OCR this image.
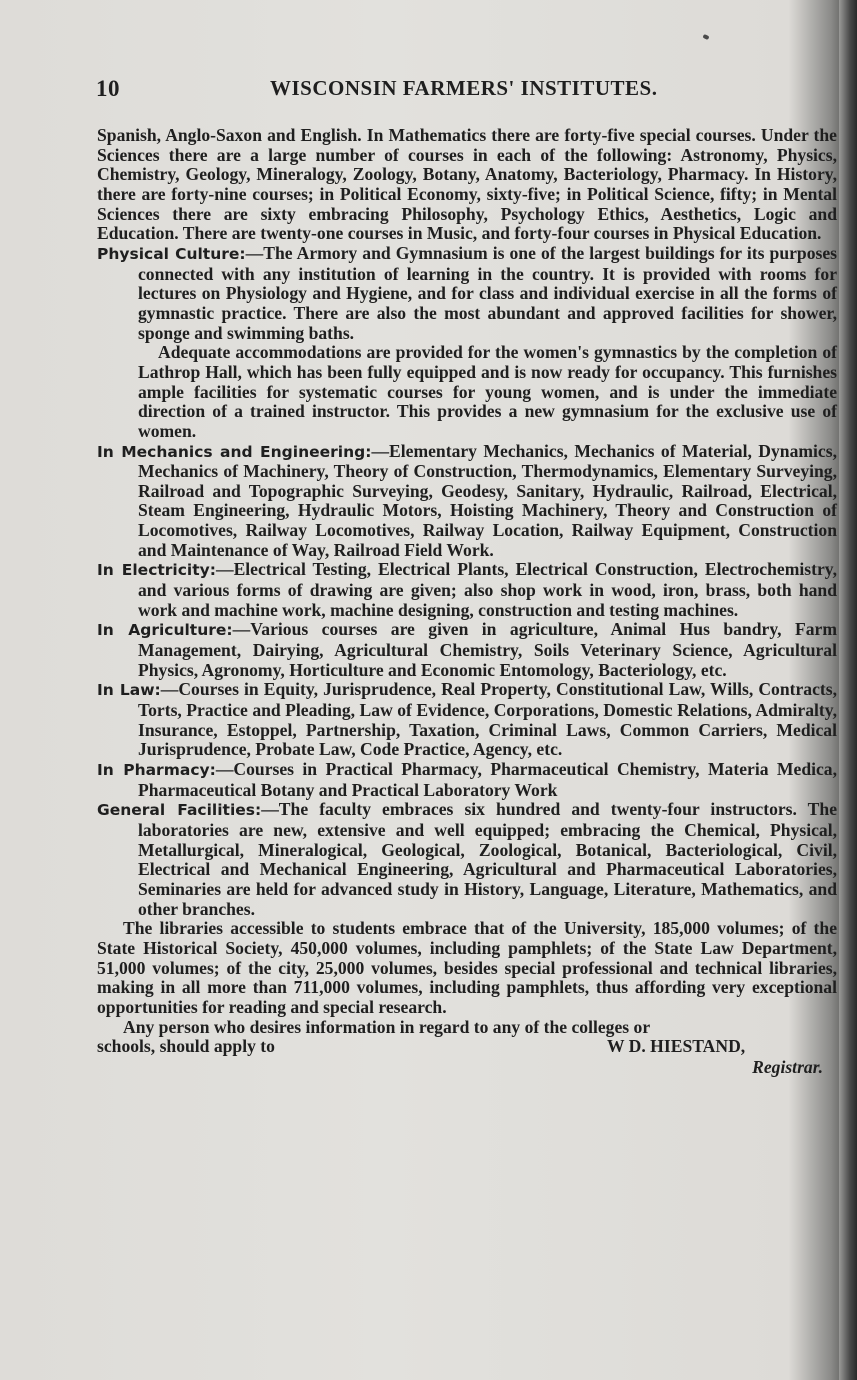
10	WISCONSIN FARMERS' INSTITUTES.

Spanish, Anglo-Saxon and English. In Mathematics there are forty-five special courses. Under the Sciences there are a large number of courses in each of the following: Astronomy, Physics, Chemistry, Geology, Mineralogy, Zoology, Botany, Anatomy, Bacteriology, Pharmacy. In History, there are forty-nine courses; in Political Economy, sixty-five; in Political Science, fifty; in Mental Sciences there are sixty embracing Philosophy, Psychology Ethics, Aesthetics, Logic and Education. There are twenty-one courses in Music, and forty-four courses in Physical Education.

Physical Culture:—The Armory and Gymnasium is one of the largest buildings for its purposes connected with any institution of learning in the country. It is provided with rooms for lectures on Physiology and Hygiene, and for class and individual exercise in all the forms of gymnastic practice. There are also the most abundant and approved facilities for shower, sponge and swimming baths.

Adequate accommodations are provided for the women's gymnastics by the completion of Lathrop Hall, which has been fully equipped and is now ready for occupancy. This furnishes ample facilities for systematic courses for young women, and is under the immediate direction of a trained instructor. This provides a new gymnasium for the exclusive use of women.

In Mechanics and Engineering:—Elementary Mechanics, Mechanics of Material, Dynamics, Mechanics of Machinery, Theory of Construction, Thermodynamics, Elementary Surveying, Railroad and Topographic Surveying, Geodesy, Sanitary, Hydraulic, Railroad, Electrical, Steam Engineering, Hydraulic Motors, Hoisting Machinery, Theory and Construction of Locomotives, Railway Locomotives, Railway Location, Railway Equipment, Construction and Maintenance of Way, Railroad Field Work.

In Electricity:—Electrical Testing, Electrical Plants, Electrical Construction, Electrochemistry, and various forms of drawing are given; also shop work in wood, iron, brass, both hand work and machine work, machine designing, construction and testing machines.

In Agriculture:—Various courses are given in agriculture, Animal Hus bandry, Farm Management, Dairying, Agricultural Chemistry, Soils Veterinary Science, Agricultural Physics, Agronomy, Horticulture and Economic Entomology, Bacteriology, etc.

In Law:—Courses in Equity, Jurisprudence, Real Property, Constitutional Law, Wills, Contracts, Torts, Practice and Pleading, Law of Evidence, Corporations, Domestic Relations, Admiralty, Insurance, Estoppel, Partnership, Taxation, Criminal Laws, Common Carriers, Medical Jurisprudence, Probate Law, Code Practice, Agency, etc.

In Pharmacy:—Courses in Practical Pharmacy, Pharmaceutical Chemistry, Materia Medica, Pharmaceutical Botany and Practical Laboratory Work

General Facilities:—The faculty embraces six hundred and twenty-four instructors. The laboratories are new, extensive and well equipped; embracing the Chemical, Physical, Metallurgical, Mineralogical, Geological, Zoological, Botanical, Bacteriological, Civil, Electrical and Mechanical Engineering, Agricultural and Pharmaceutical Laboratories, Seminaries are held for advanced study in History, Language, Literature, Mathematics, and other branches.

The libraries accessible to students embrace that of the University, 185,000 volumes; of the State Historical Society, 450,000 volumes, including pamphlets; of the State Law Department, 51,000 volumes; of the city, 25,000 volumes, besides special professional and technical libraries, making in all more than 711,000 volumes, including pamphlets, thus affording very exceptional opportunities for reading and special research.

Any person who desires information in regard to any of the colleges or

schools, should apply to	W D. HIESTAND,
Registrar.
